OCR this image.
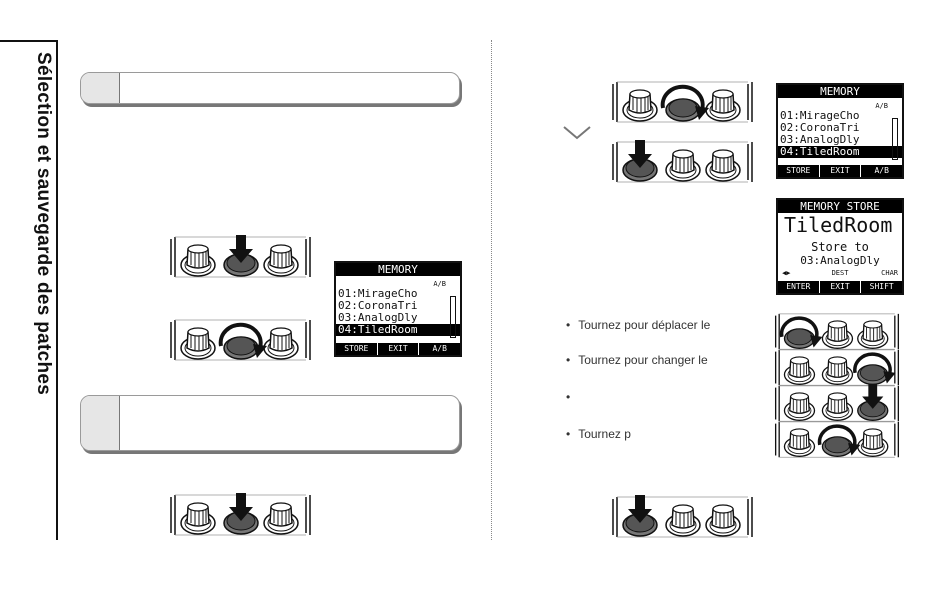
Sélection et sauvegarde des patches	MEMORY
A/B
01:MirageCho
02:CoronaTri
03:AnalogDly
04:TiledRoom
STORE	EXIT	A/B
MEMORY
A/B
01:MirageCho
02:CoronaTri
03:AnalogDly
04:TiledRoom
STORE	EXIT	A/B
MEMORY STORE
TiledRoom
Store to
03:AnalogDly
◀▶	DEST	CHAR
ENTER	EXIT	SHIFT
• Tournez pour déplacer le
• Tournez pour changer le
•
• Tournez p
